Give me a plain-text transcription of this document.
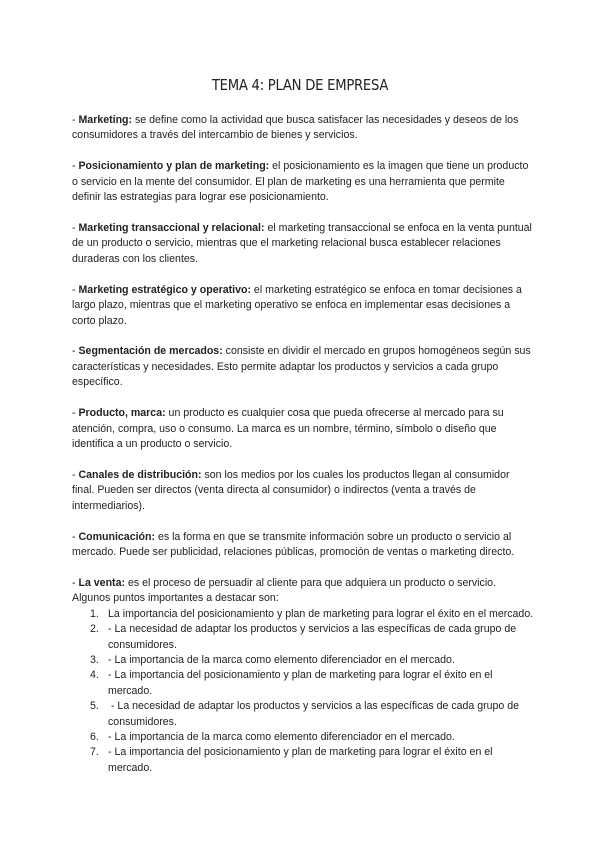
TEMA 4: PLAN DE EMPRESA

- Marketing: se define como la actividad que busca satisfacer las necesidades y deseos de los consumidores a través del intercambio de bienes y servicios.

- Posicionamiento y plan de marketing: el posicionamiento es la imagen que tiene un producto o servicio en la mente del consumidor. El plan de marketing es una herramienta que permite definir las estrategias para lograr ese posicionamiento.

- Marketing transaccional y relacional: el marketing transaccional se enfoca en la venta puntual de un producto o servicio, mientras que el marketing relacional busca establecer relaciones duraderas con los clientes.

- Marketing estratégico y operativo: el marketing estratégico se enfoca en tomar decisiones a largo plazo, mientras que el marketing operativo se enfoca en implementar esas decisiones a corto plazo.

- Segmentación de mercados: consiste en dividir el mercado en grupos homogéneos según sus características y necesidades. Esto permite adaptar los productos y servicios a cada grupo específico.

- Producto, marca: un producto es cualquier cosa que pueda ofrecerse al mercado para su atención, compra, uso o consumo. La marca es un nombre, término, símbolo o diseño que identifica a un producto o servicio.

- Canales de distribución: son los medios por los cuales los productos llegan al consumidor final. Pueden ser directos (venta directa al consumidor) o indirectos (venta a través de intermediarios).

- Comunicación: es la forma en que se transmite información sobre un producto o servicio al mercado. Puede ser publicidad, relaciones públicas, promoción de ventas o marketing directo.

- La venta: es el proceso de persuadir al cliente para que adquiera un producto o servicio. Algunos puntos importantes a destacar son:

1. La importancia del posicionamiento y plan de marketing para lograr el éxito en el mercado.
2. - La necesidad de adaptar los productos y servicios a las específicas de cada grupo de consumidores.
3. - La importancia de la marca como elemento diferenciador en el mercado.
4. - La importancia del posicionamiento y plan de marketing para lograr el éxito en el mercado.
5. - La necesidad de adaptar los productos y servicios a las específicas de cada grupo de consumidores.
6. - La importancia de la marca como elemento diferenciador en el mercado.
7. - La importancia del posicionamiento y plan de marketing para lograr el éxito en el mercado.
